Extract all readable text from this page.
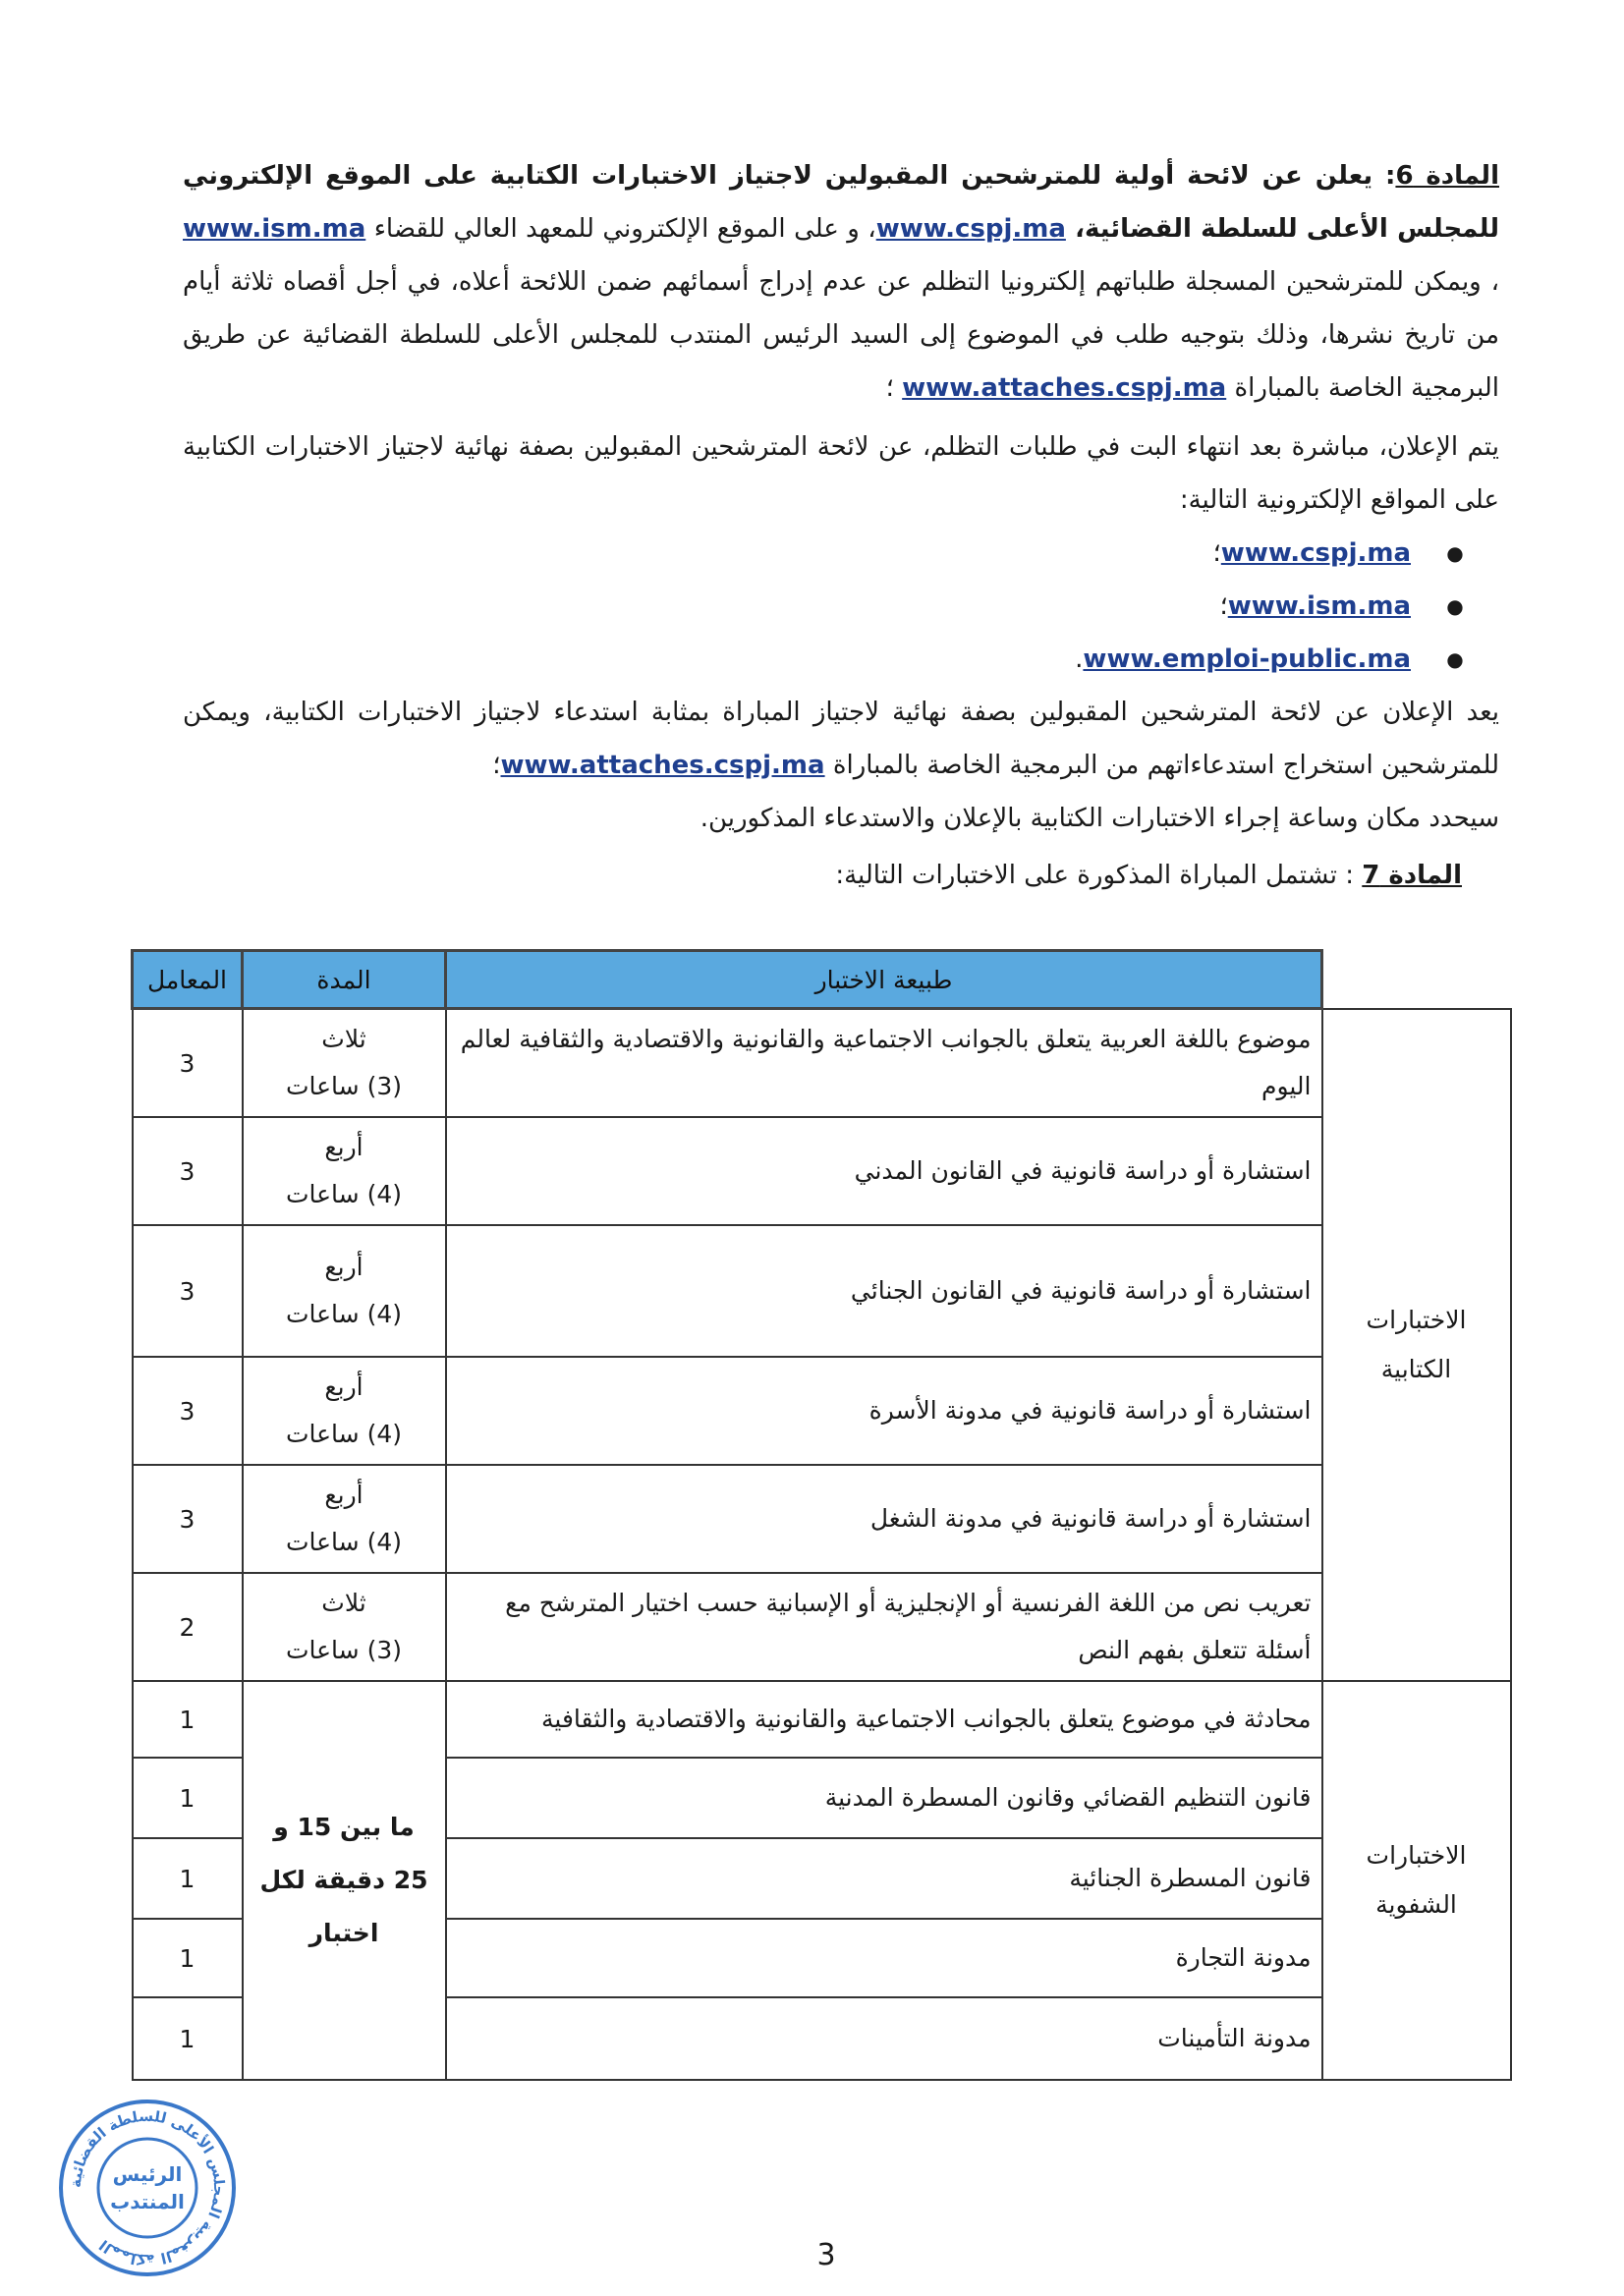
المادة 6: يعلن عن لائحة أولية للمترشحين المقبولين لاجتياز الاختبارات الكتابية على الموقع الإلكتروني للمجلس الأعلى للسلطة القضائية، www.cspj.ma، و على الموقع الإلكتروني للمعهد العالي للقضاء www.ism.ma ، ويمكن للمترشحين المسجلة طلباتهم إلكترونيا التظلم عن عدم إدراج أسمائهم ضمن اللائحة أعلاه، في أجل أقصاه ثلاثة أيام من تاريخ نشرها، وذلك بتوجيه طلب في الموضوع إلى السيد الرئيس المنتدب للمجلس الأعلى للسلطة القضائية عن طريق البرمجية الخاصة بالمباراة www.attaches.cspj.ma ؛

يتم الإعلان، مباشرة بعد انتهاء البت في طلبات التظلم، عن لائحة المترشحين المقبولين بصفة نهائية لاجتياز الاختبارات الكتابية على المواقع الإلكترونية التالية:

●
www.cspj.ma
؛
●
www.ism.ma
؛
●
www.emploi-public.ma
.

يعد الإعلان عن لائحة المترشحين المقبولين بصفة نهائية لاجتياز المباراة بمثابة استدعاء لاجتياز الاختبارات الكتابية، ويمكن للمترشحين استخراج استدعاءاتهم من البرمجية الخاصة بالمباراة www.attaches.cspj.ma؛

سيحدد مكان وساعة إجراء الاختبارات الكتابية بالإعلان والاستدعاء المذكورين.

المادة 7 : تشتمل المباراة المذكورة على الاختبارات التالية:

	طبيعة الاختبار	المدة	المعامل
الاختبارات الكتابية	موضوع باللغة العربية يتعلق بالجوانب الاجتماعية والقانونية والاقتصادية والثقافية لعالم اليوم	ثلاث
(3) ساعات	3
	استشارة أو دراسة قانونية في القانون المدني	أربع
(4) ساعات	3
	استشارة أو دراسة قانونية في القانون الجنائي	أربع
(4) ساعات	3
	استشارة أو دراسة قانونية في مدونة الأسرة	أربع
(4) ساعات	3
	استشارة أو دراسة قانونية في مدونة الشغل	أربع
(4) ساعات	3
	تعريب نص من اللغة الفرنسية أو الإنجليزية أو الإسبانية حسب اختيار المترشح مع أسئلة تتعلق بفهم النص	ثلاث
(3) ساعات	2
الاختبارات الشفوية	محادثة في موضوع يتعلق بالجوانب الاجتماعية والقانونية والاقتصادية والثقافية	ما بين 15 و 25 دقيقة لكل اختبار	1
	قانون التنظيم القضائي وقانون المسطرة المدنية		1
	قانون المسطرة الجنائية		1
	مدونة التجارة		1
	مدونة التأمينات		1
المملكة المغربية المجلس الأعلى للسلطة القضائية
الرئيس
المنتدب
3
